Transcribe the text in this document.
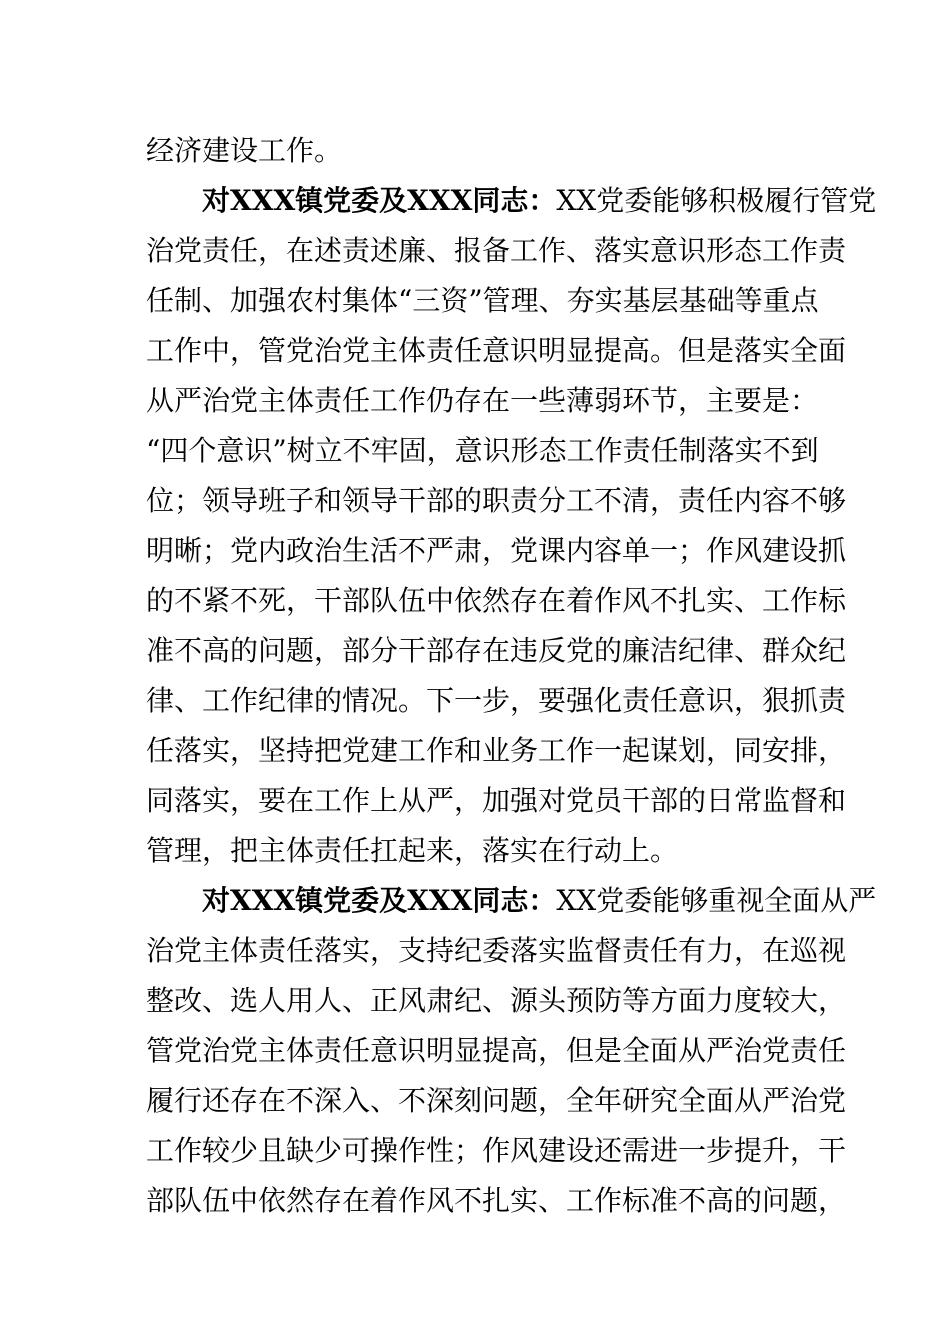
经济建设工作。
对XXX镇党委及XXX同志：XX党委能够积极履行管党
治党责任，在述责述廉、报备工作、落实意识形态工作责
任制、加强农村集体“三资”管理、夯实基层基础等重点
工作中，管党治党主体责任意识明显提高。但是落实全面
从严治党主体责任工作仍存在一些薄弱环节，主要是：
“四个意识”树立不牢固，意识形态工作责任制落实不到
位；领导班子和领导干部的职责分工不清，责任内容不够
明晰；党内政治生活不严肃，党课内容单一；作风建设抓
的不紧不死，干部队伍中依然存在着作风不扎实、工作标
准不高的问题，部分干部存在违反党的廉洁纪律、群众纪
律、工作纪律的情况。下一步，要强化责任意识，狠抓责
任落实，坚持把党建工作和业务工作一起谋划，同安排，
同落实，要在工作上从严，加强对党员干部的日常监督和
管理，把主体责任扛起来，落实在行动上。
对XXX镇党委及XXX同志：XX党委能够重视全面从严
治党主体责任落实，支持纪委落实监督责任有力，在巡视
整改、选人用人、正风肃纪、源头预防等方面力度较大，
管党治党主体责任意识明显提高，但是全面从严治党责任
履行还存在不深入、不深刻问题，全年研究全面从严治党
工作较少且缺少可操作性；作风建设还需进一步提升，干
部队伍中依然存在着作风不扎实、工作标准不高的问题，
